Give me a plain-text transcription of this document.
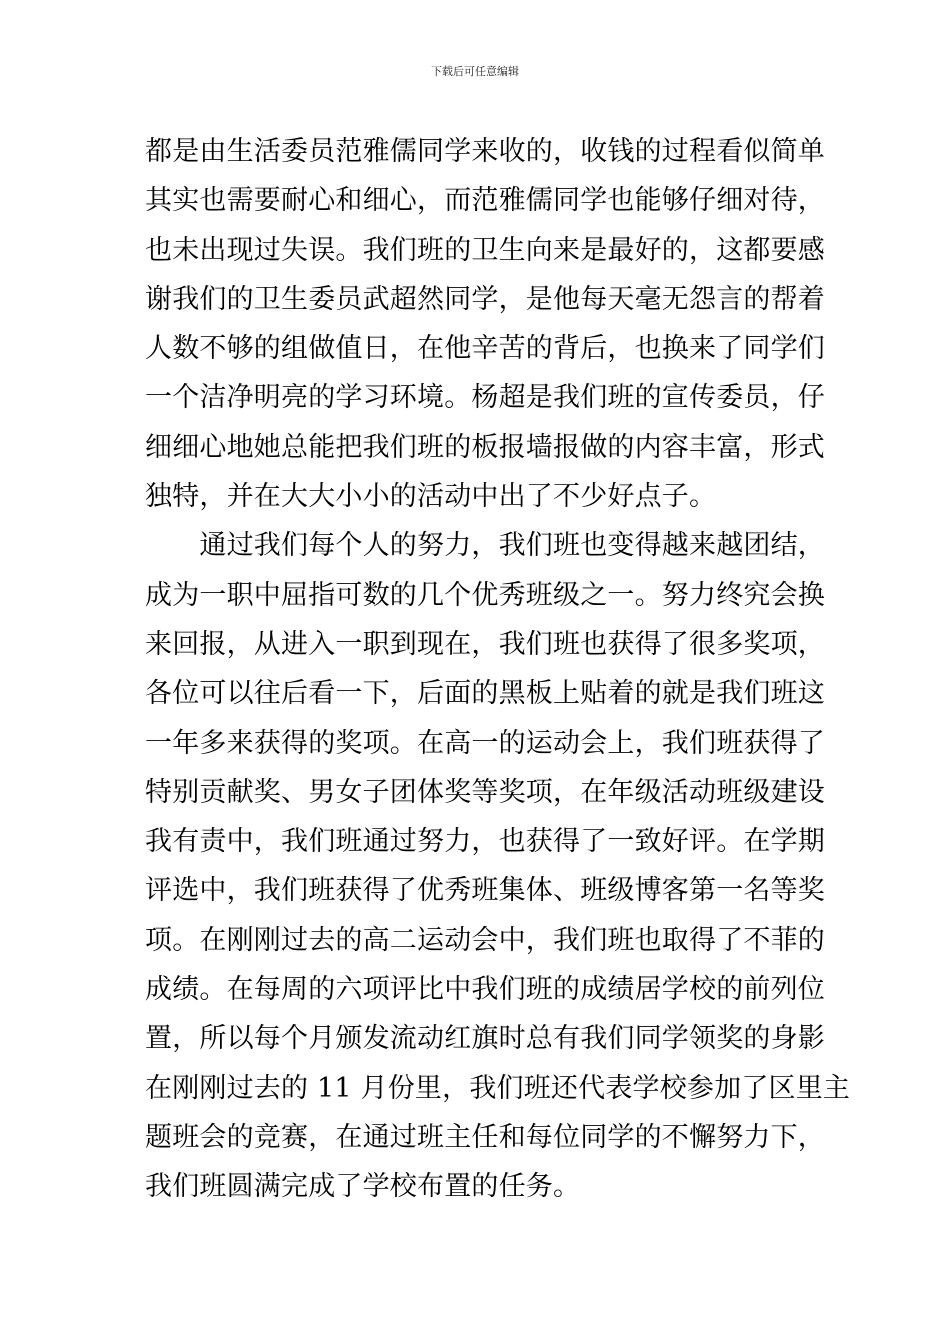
下载后可任意编辑
都是由生活委员范雅儒同学来收的，收钱的过程看似简单
其实也需要耐心和细心，而范雅儒同学也能够仔细对待，
也未出现过失误。我们班的卫生向来是最好的，这都要感
谢我们的卫生委员武超然同学，是他每天毫无怨言的帮着
人数不够的组做值日，在他辛苦的背后，也换来了同学们
一个洁净明亮的学习环境。杨超是我们班的宣传委员，仔
细细心地她总能把我们班的板报墙报做的内容丰富，形式
独特，并在大大小小的活动中出了不少好点子。
　　通过我们每个人的努力，我们班也变得越来越团结，
成为一职中屈指可数的几个优秀班级之一。努力终究会换
来回报，从进入一职到现在，我们班也获得了很多奖项，
各位可以往后看一下，后面的黑板上贴着的就是我们班这
一年多来获得的奖项。在高一的运动会上，我们班获得了
特别贡献奖、男女子团体奖等奖项，在年级活动班级建设
我有责中，我们班通过努力，也获得了一致好评。在学期
评选中，我们班获得了优秀班集体、班级博客第一名等奖
项。在刚刚过去的高二运动会中，我们班也取得了不菲的
成绩。在每周的六项评比中我们班的成绩居学校的前列位
置，所以每个月颁发流动红旗时总有我们同学领奖的身影
在刚刚过去的 11 月份里，我们班还代表学校参加了区里主
题班会的竞赛，在通过班主任和每位同学的不懈努力下，
我们班圆满完成了学校布置的任务。
